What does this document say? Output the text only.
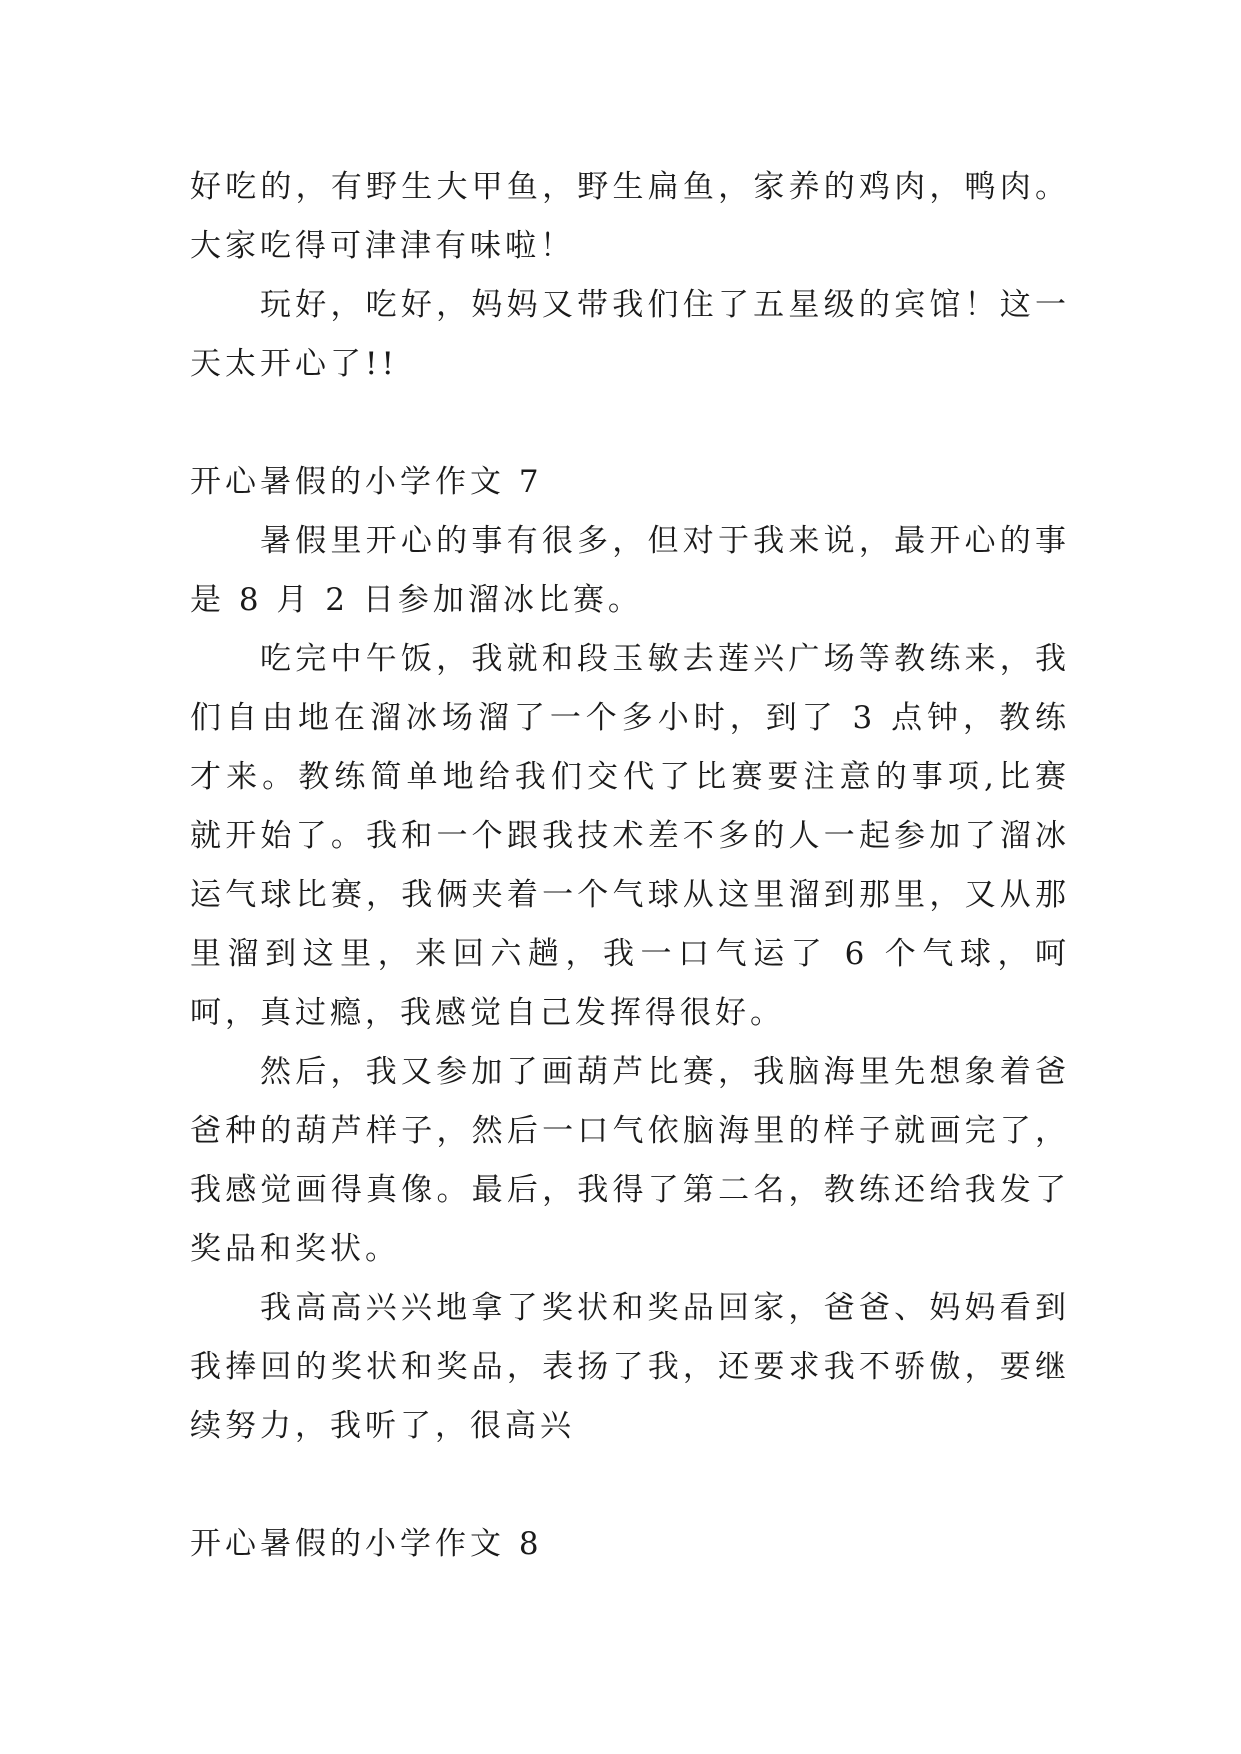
好吃的，有野生大甲鱼，野生扁鱼，家养的鸡肉，鸭肉。大家吃得可津津有味啦！

玩好，吃好，妈妈又带我们住了五星级的宾馆！这一天太开心了!!

开心暑假的小学作文 7

暑假里开心的事有很多，但对于我来说，最开心的事是 8 月 2 日参加溜冰比赛。

吃完中午饭，我就和段玉敏去莲兴广场等教练来，我们自由地在溜冰场溜了一个多小时，到了 3 点钟，教练才来。教练简单地给我们交代了比赛要注意的事项,比赛就开始了。我和一个跟我技术差不多的人一起参加了溜冰运气球比赛，我俩夹着一个气球从这里溜到那里，又从那里溜到这里，来回六趟，我一口气运了 6 个气球，呵呵，真过瘾，我感觉自己发挥得很好。

然后，我又参加了画葫芦比赛，我脑海里先想象着爸爸种的葫芦样子，然后一口气依脑海里的样子就画完了，我感觉画得真像。最后，我得了第二名，教练还给我发了奖品和奖状。

我高高兴兴地拿了奖状和奖品回家，爸爸、妈妈看到我捧回的奖状和奖品，表扬了我，还要求我不骄傲，要继续努力，我听了，很高兴

开心暑假的小学作文 8
